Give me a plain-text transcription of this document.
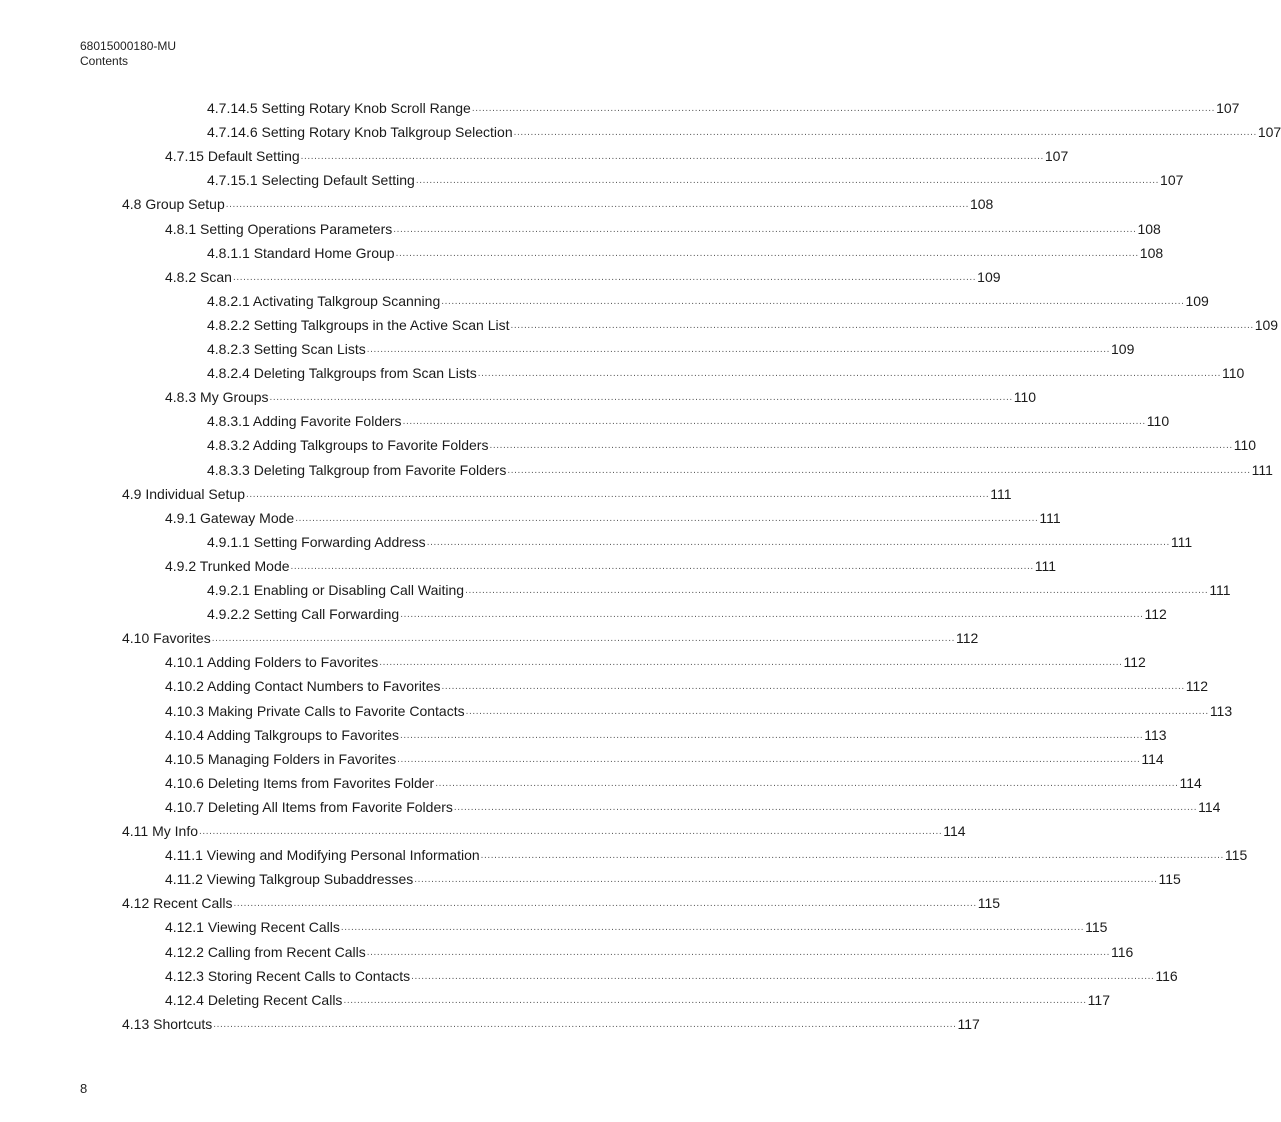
68015000180-MU
Contents
4.7.14.5 Setting Rotary Knob Scroll Range ............................................................................................................................................................................................................................ 107
4.7.14.6 Setting Rotary Knob Talkgroup Selection ............................................................................................................................................................................................................................ 107
4.7.15 Default Setting ............................................................................................................................................................................................................................ 107
4.7.15.1 Selecting Default Setting ............................................................................................................................................................................................................................ 107
4.8 Group Setup ............................................................................................................................................................................................................................ 108
4.8.1 Setting Operations Parameters ............................................................................................................................................................................................................................ 108
4.8.1.1 Standard Home Group ............................................................................................................................................................................................................................ 108
4.8.2 Scan ............................................................................................................................................................................................................................ 109
4.8.2.1 Activating Talkgroup Scanning ............................................................................................................................................................................................................................ 109
4.8.2.2 Setting Talkgroups in the Active Scan List ............................................................................................................................................................................................................................ 109
4.8.2.3 Setting Scan Lists ............................................................................................................................................................................................................................ 109
4.8.2.4 Deleting Talkgroups from Scan Lists ............................................................................................................................................................................................................................ 110
4.8.3 My Groups ............................................................................................................................................................................................................................ 110
4.8.3.1 Adding Favorite Folders ............................................................................................................................................................................................................................ 110
4.8.3.2 Adding Talkgroups to Favorite Folders ............................................................................................................................................................................................................................ 110
4.8.3.3 Deleting Talkgroup from Favorite Folders ............................................................................................................................................................................................................................ 111
4.9 Individual Setup ............................................................................................................................................................................................................................ 111
4.9.1 Gateway Mode ............................................................................................................................................................................................................................ 111
4.9.1.1 Setting Forwarding Address ............................................................................................................................................................................................................................ 111
4.9.2 Trunked Mode ............................................................................................................................................................................................................................ 111
4.9.2.1 Enabling or Disabling Call Waiting ............................................................................................................................................................................................................................ 111
4.9.2.2 Setting Call Forwarding ............................................................................................................................................................................................................................ 112
4.10 Favorites ............................................................................................................................................................................................................................ 112
4.10.1 Adding Folders to Favorites ............................................................................................................................................................................................................................ 112
4.10.2 Adding Contact Numbers to Favorites ............................................................................................................................................................................................................................ 112
4.10.3 Making Private Calls to Favorite Contacts ............................................................................................................................................................................................................................ 113
4.10.4 Adding Talkgroups to Favorites ............................................................................................................................................................................................................................ 113
4.10.5 Managing Folders in Favorites ............................................................................................................................................................................................................................ 114
4.10.6 Deleting Items from Favorites Folder ............................................................................................................................................................................................................................ 114
4.10.7 Deleting All Items from Favorite Folders ............................................................................................................................................................................................................................ 114
4.11 My Info ............................................................................................................................................................................................................................ 114
4.11.1 Viewing and Modifying Personal Information ............................................................................................................................................................................................................................ 115
4.11.2 Viewing Talkgroup Subaddresses ............................................................................................................................................................................................................................ 115
4.12 Recent Calls ............................................................................................................................................................................................................................ 115
4.12.1 Viewing Recent Calls ............................................................................................................................................................................................................................ 115
4.12.2 Calling from Recent Calls ............................................................................................................................................................................................................................ 116
4.12.3 Storing Recent Calls to Contacts ............................................................................................................................................................................................................................ 116
4.12.4 Deleting Recent Calls ............................................................................................................................................................................................................................ 117
4.13 Shortcuts ............................................................................................................................................................................................................................ 117
8
